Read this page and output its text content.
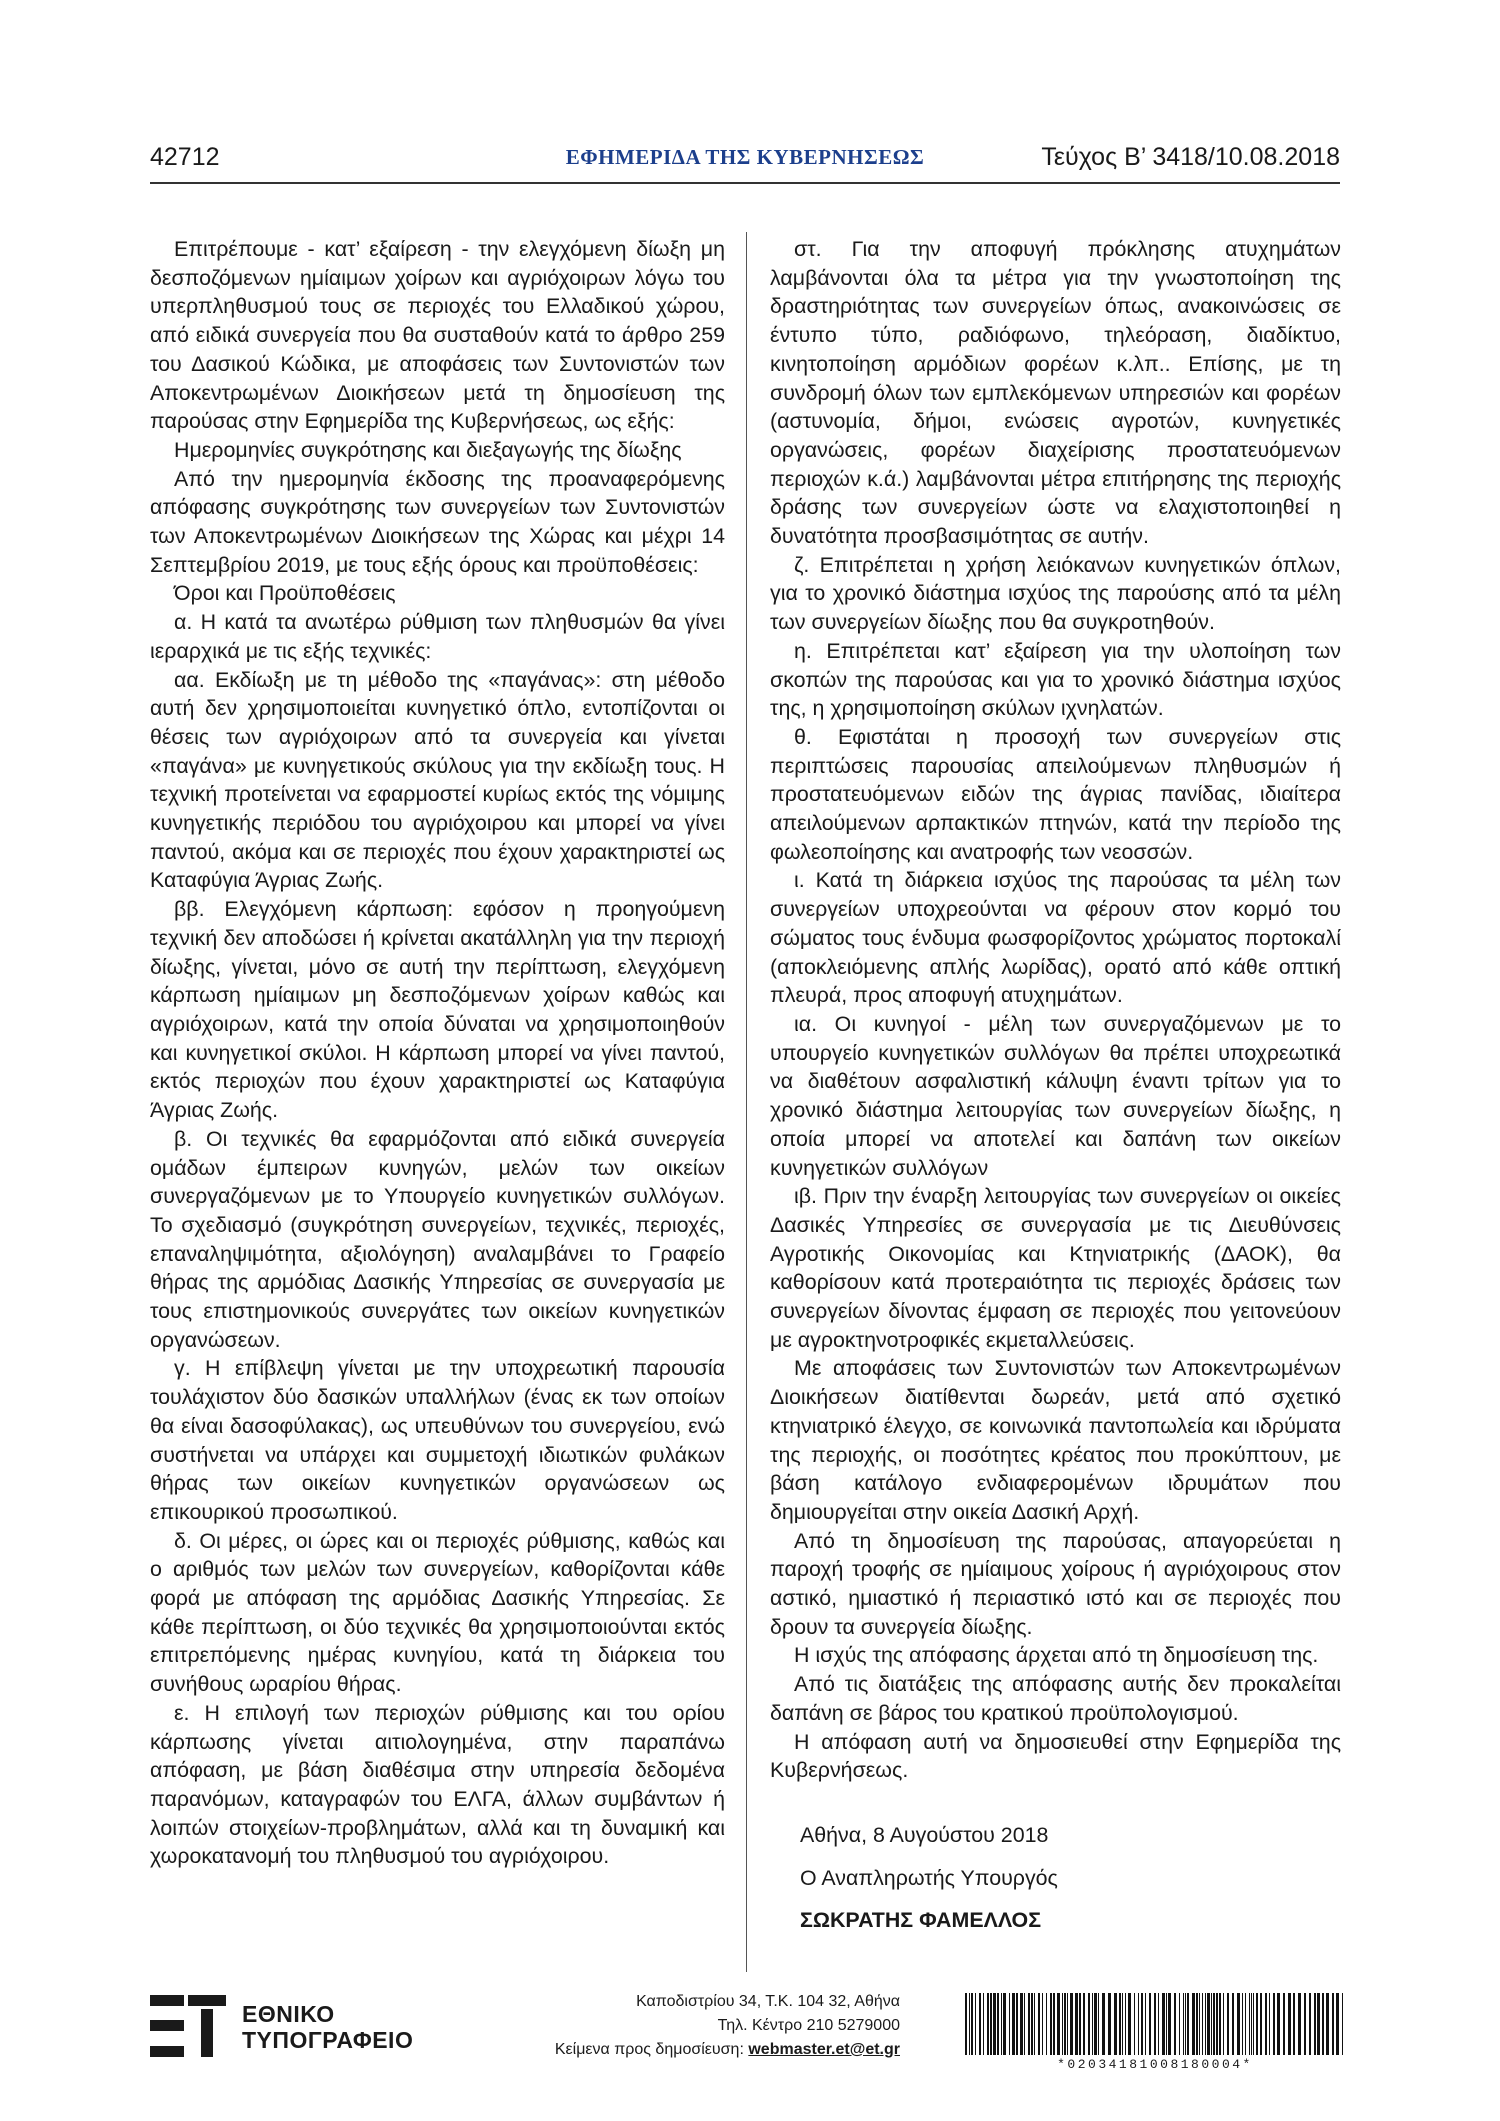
42712	ΕΦΗΜΕΡΙΔΑ ΤΗΣ ΚΥΒΕΡΝΗΣΕΩΣ	Τεύχος Β’ 3418/10.08.2018

Επιτρέπουμε - κατ’ εξαίρεση - την ελεγχόμενη δίωξη μη δεσποζόμενων ημίαιμων χοίρων και αγριόχοιρων λόγω του υπερπληθυσμού τους σε περιοχές του Ελλαδικού χώρου, από ειδικά συνεργεία που θα συσταθούν κατά το άρθρο 259 του Δασικού Κώδικα, με αποφάσεις των Συντονιστών των Αποκεντρωμένων Διοικήσεων μετά τη δημοσίευση της παρούσας στην Εφημερίδα της Κυβερνήσεως, ως εξής:

Ημερομηνίες συγκρότησης και διεξαγωγής της δίωξης

Από την ημερομηνία έκδοσης της προαναφερόμενης απόφασης συγκρότησης των συνεργείων των Συντονιστών των Αποκεντρωμένων Διοικήσεων της Χώρας και μέχρι 14 Σεπτεμβρίου 2019, με τους εξής όρους και προϋποθέσεις:

Όροι και Προϋποθέσεις

α. Η κατά τα ανωτέρω ρύθμιση των πληθυσμών θα γίνει ιεραρχικά με τις εξής τεχνικές:

αα. Εκδίωξη με τη μέθοδο της «παγάνας»: στη μέθοδο αυτή δεν χρησιμοποιείται κυνηγετικό όπλο, εντοπίζονται οι θέσεις των αγριόχοιρων από τα συνεργεία και γίνεται «παγάνα» με κυνηγετικούς σκύλους για την εκδίωξη τους. Η τεχνική προτείνεται να εφαρμοστεί κυρίως εκτός της νόμιμης κυνηγετικής περιόδου του αγριόχοιρου και μπορεί να γίνει παντού, ακόμα και σε περιοχές που έχουν χαρακτηριστεί ως Καταφύγια Άγριας Ζωής.

ββ. Ελεγχόμενη κάρπωση: εφόσον η προηγούμενη τεχνική δεν αποδώσει ή κρίνεται ακατάλληλη για την περιοχή δίωξης, γίνεται, μόνο σε αυτή την περίπτωση, ελεγχόμενη κάρπωση ημίαιμων μη δεσποζόμενων χοίρων καθώς και αγριόχοιρων, κατά την οποία δύναται να χρησιμοποιηθούν και κυνηγετικοί σκύλοι. Η κάρπωση μπορεί να γίνει παντού, εκτός περιοχών που έχουν χαρακτηριστεί ως Καταφύγια Άγριας Ζωής.

β. Οι τεχνικές θα εφαρμόζονται από ειδικά συνεργεία ομάδων έμπειρων κυνηγών, μελών των οικείων συνεργαζόμενων με το Υπουργείο κυνηγετικών συλλόγων. Το σχεδιασμό (συγκρότηση συνεργείων, τεχνικές, περιοχές, επαναληψιμότητα, αξιολόγηση) αναλαμβάνει το Γραφείο θήρας της αρμόδιας Δασικής Υπηρεσίας σε συνεργασία με τους επιστημονικούς συνεργάτες των οικείων κυνηγετικών οργανώσεων.

γ. Η επίβλεψη γίνεται με την υποχρεωτική παρουσία τουλάχιστον δύο δασικών υπαλλήλων (ένας εκ των οποίων θα είναι δασοφύλακας), ως υπευθύνων του συνεργείου, ενώ συστήνεται να υπάρχει και συμμετοχή ιδιωτικών φυλάκων θήρας των οικείων κυνηγετικών οργανώσεων ως επικουρικού προσωπικού.

δ. Οι μέρες, οι ώρες και οι περιοχές ρύθμισης, καθώς και ο αριθμός των μελών των συνεργείων, καθορίζονται κάθε φορά με απόφαση της αρμόδιας Δασικής Υπηρεσίας. Σε κάθε περίπτωση, οι δύο τεχνικές θα χρησιμοποιούνται εκτός επιτρεπόμενης ημέρας κυνηγίου, κατά τη διάρκεια του συνήθους ωραρίου θήρας.

ε. Η επιλογή των περιοχών ρύθμισης και του ορίου κάρπωσης γίνεται αιτιολογημένα, στην παραπάνω απόφαση, με βάση διαθέσιμα στην υπηρεσία δεδομένα παρανόμων, καταγραφών του ΕΛΓΑ, άλλων συμβάντων ή λοιπών στοιχείων-προβλημάτων, αλλά και τη δυναμική και χωροκατανομή του πληθυσμού του αγριόχοιρου.

στ. Για την αποφυγή πρόκλησης ατυχημάτων λαμβάνονται όλα τα μέτρα για την γνωστοποίηση της δραστηριότητας των συνεργείων όπως, ανακοινώσεις σε έντυπο τύπο, ραδιόφωνο, τηλεόραση, διαδίκτυο, κινητοποίηση αρμόδιων φορέων κ.λπ.. Επίσης, με τη συνδρομή όλων των εμπλεκόμενων υπηρεσιών και φορέων (αστυνομία, δήμοι, ενώσεις αγροτών, κυνηγετικές οργανώσεις, φορέων διαχείρισης προστατευόμενων περιοχών κ.ά.) λαμβάνονται μέτρα επιτήρησης της περιοχής δράσης των συνεργείων ώστε να ελαχιστοποιηθεί η δυνατότητα προσβασιμότητας σε αυτήν.

ζ. Επιτρέπεται η χρήση λειόκανων κυνηγετικών όπλων, για το χρονικό διάστημα ισχύος της παρούσης από τα μέλη των συνεργείων δίωξης που θα συγκροτηθούν.

η. Επιτρέπεται κατ’ εξαίρεση για την υλοποίηση των σκοπών της παρούσας και για το χρονικό διάστημα ισχύος της, η χρησιμοποίηση σκύλων ιχνηλατών.

θ. Εφιστάται η προσοχή των συνεργείων στις περιπτώσεις παρουσίας απειλούμενων πληθυσμών ή προστατευόμενων ειδών της άγριας πανίδας, ιδιαίτερα απειλούμενων αρπακτικών πτηνών, κατά την περίοδο της φωλεοποίησης και ανατροφής των νεοσσών.

ι. Κατά τη διάρκεια ισχύος της παρούσας τα μέλη των συνεργείων υποχρεούνται να φέρουν στον κορμό του σώματος τους ένδυμα φωσφορίζοντος χρώματος πορτοκαλί (αποκλειόμενης απλής λωρίδας), ορατό από κάθε οπτική πλευρά, προς αποφυγή ατυχημάτων.

ια. Οι κυνηγοί - μέλη των συνεργαζόμενων με το υπουργείο κυνηγετικών συλλόγων θα πρέπει υποχρεωτικά να διαθέτουν ασφαλιστική κάλυψη έναντι τρίτων για το χρονικό διάστημα λειτουργίας των συνεργείων δίωξης, η οποία μπορεί να αποτελεί και δαπάνη των οικείων κυνηγετικών συλλόγων

ιβ. Πριν την έναρξη λειτουργίας των συνεργείων οι οικείες Δασικές Υπηρεσίες σε συνεργασία με τις Διευθύνσεις Αγροτικής Οικονομίας και Κτηνιατρικής (ΔΑΟΚ), θα καθορίσουν κατά προτεραιότητα τις περιοχές δράσεις των συνεργείων δίνοντας έμφαση σε περιοχές που γειτονεύουν με αγροκτηνοτροφικές εκμεταλλεύσεις.

Με αποφάσεις των Συντονιστών των Αποκεντρωμένων Διοικήσεων διατίθενται δωρεάν, μετά από σχετικό κτηνιατρικό έλεγχο, σε κοινωνικά παντοπωλεία και ιδρύματα της περιοχής, οι ποσότητες κρέατος που προκύπτουν, με βάση κατάλογο ενδιαφερομένων ιδρυμάτων που δημιουργείται στην οικεία Δασική Αρχή.

Από τη δημοσίευση της παρούσας, απαγορεύεται η παροχή τροφής σε ημίαιμους χοίρους ή αγριόχοιρους στον αστικό, ημιαστικό ή περιαστικό ιστό και σε περιοχές που δρουν τα συνεργεία δίωξης.

Η ισχύς της απόφασης άρχεται από τη δημοσίευση της.

Από τις διατάξεις της απόφασης αυτής δεν προκαλείται δαπάνη σε βάρος του κρατικού προϋπολογισμού.

Η απόφαση αυτή να δημοσιευθεί στην Εφημερίδα της Κυβερνήσεως.

Αθήνα, 8 Αυγούστου 2018

Ο Αναπληρωτής Υπουργός

ΣΩΚΡΑΤΗΣ ΦΑΜΕΛΛΟΣ

ΕΘΝΙΚΟ
ΤΥΠΟΓΡΑΦΕΙΟ
Καποδιστρίου 34, Τ.Κ. 104 32, Αθήνα
Τηλ. Κέντρο 210 5279000
Κείμενα προς δημοσίευση: webmaster.et@et.gr
*02034181008180004*
